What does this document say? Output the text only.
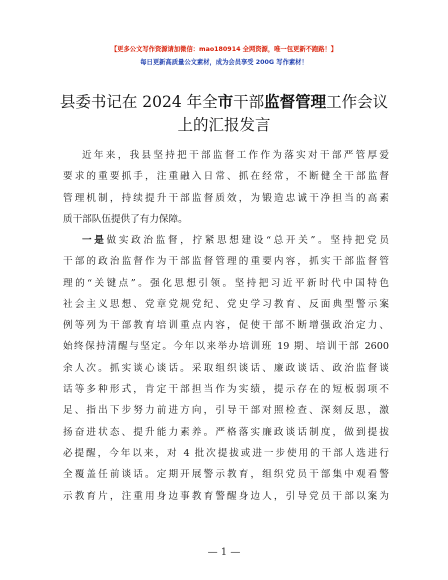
【更多公文写作资源请加微信：mao180914 全网资源，唯一包更新不跑路！】
每日更新高质量公文素材，成为会员享受 200G 写作素材！
县委书记在 2024 年全市干部监督管理工作会议
上的汇报发言
近年来，我县坚持把干部监督工作作为落实对干部严管厚爱
要求的重要抓手，注重融入日常、抓在经常，不断健全干部监督
管理机制，持续提升干部监督质效，为锻造忠诚干净担当的高素
质干部队伍提供了有力保障。
一是做实政治监督，拧紧思想建设“总开关”。坚持把党员
干部的政治监督作为干部监督管理的重要内容，抓实干部监督管
理的“关键点”。强化思想引领。坚持把习近平新时代中国特色
社会主义思想、党章党规党纪、党史学习教育、反面典型警示案
例等列为干部教育培训重点内容，促使干部不断增强政治定力、
始终保持清醒与坚定。今年以来举办培训班 19 期、培训干部 2600
余人次。抓实谈心谈话。采取组织谈话、廉政谈话、政治监督谈
话等多种形式，肯定干部担当作为实绩，提示存在的短板弱项不
足、指出下步努力前进方向，引导干部对照检查、深刻反思，激
扬奋进状态、提升能力素养。严格落实廉政谈话制度，做到提拔
必提醒，今年以来，对 4 批次提拔或进一步使用的干部人选进行
全覆盖任前谈话。定期开展警示教育，组织党员干部集中观看警
示教育片，注重用身边事教育警醒身边人，引导党员干部以案为
— 1 —
